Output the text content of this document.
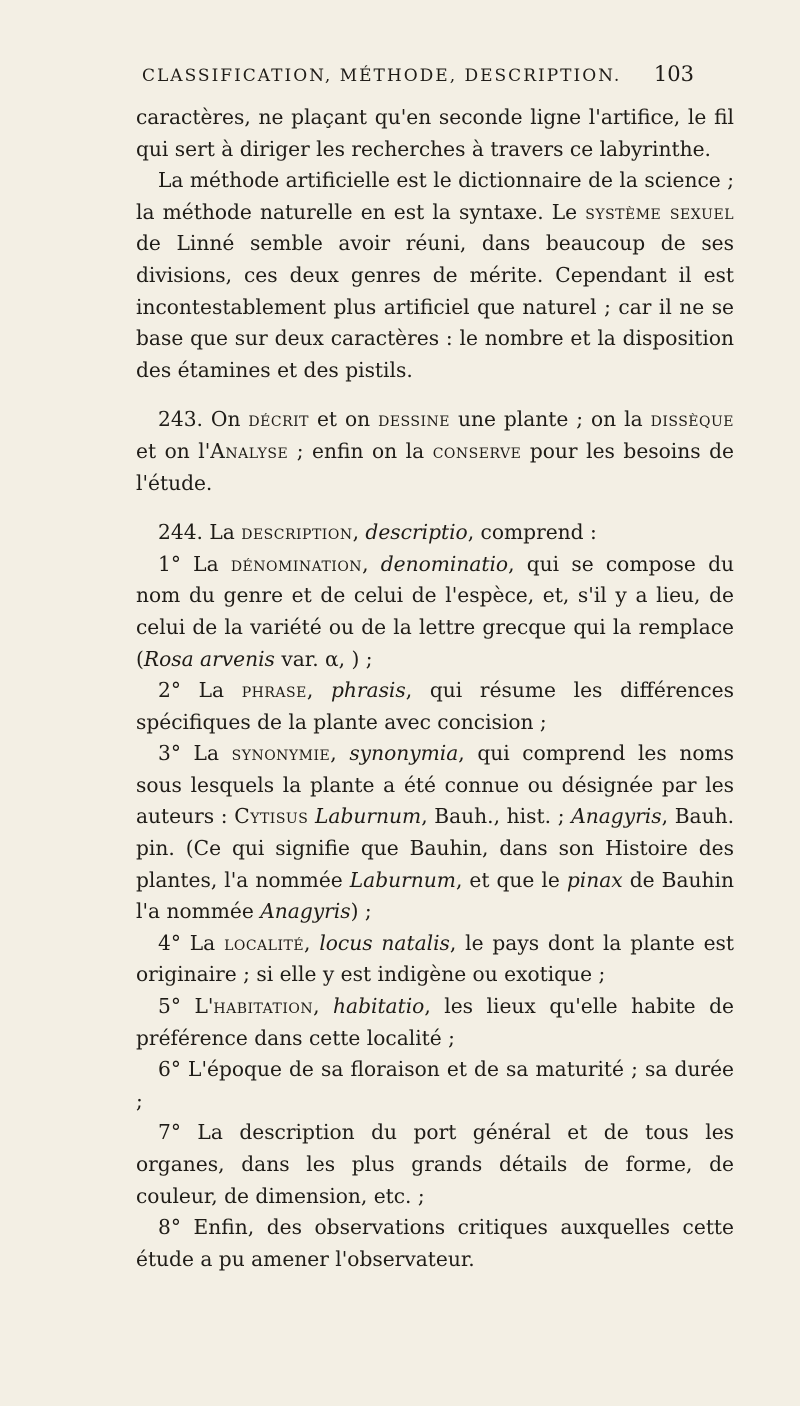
CLASSIFICATION, MÉTHODE, DESCRIPTION. 103

caractères, ne plaçant qu'en seconde ligne l'artifice, le fil qui sert à diriger les recherches à travers ce labyrinthe.

La méthode artificielle est le dictionnaire de la science ; la méthode naturelle en est la syntaxe. Le système sexuel de Linné semble avoir réuni, dans beaucoup de ses divisions, ces deux genres de mérite. Cependant il est incontestablement plus artificiel que naturel ; car il ne se base que sur deux caractères : le nombre et la disposition des étamines et des pistils.

243. On décrit et on dessine une plante ; on la dissèque et on l'Analyse ; enfin on la conserve pour les besoins de l'étude.

244. La description, descriptio, comprend :

1° La dénomination, denominatio, qui se compose du nom du genre et de celui de l'espèce, et, s'il y a lieu, de celui de la variété ou de la lettre grecque qui la remplace (Rosa arvenis var. α, ) ;

2° La phrase, phrasis, qui résume les différences spécifiques de la plante avec concision ;

3° La synonymie, synonymia, qui comprend les noms sous lesquels la plante a été connue ou désignée par les auteurs : Cytisus Laburnum, Bauh., hist. ; Anagyris, Bauh. pin. (Ce qui signifie que Bauhin, dans son Histoire des plantes, l'a nommée Laburnum, et que le pinax de Bauhin l'a nommée Anagyris) ;

4° La localité, locus natalis, le pays dont la plante est originaire ; si elle y est indigène ou exotique ;

5° L'habitation, habitatio, les lieux qu'elle habite de préférence dans cette localité ;

6° L'époque de sa floraison et de sa maturité ; sa durée ;

7° La description du port général et de tous les organes, dans les plus grands détails de forme, de couleur, de dimension, etc. ;

8° Enfin, des observations critiques auxquelles cette étude a pu amener l'observateur.
